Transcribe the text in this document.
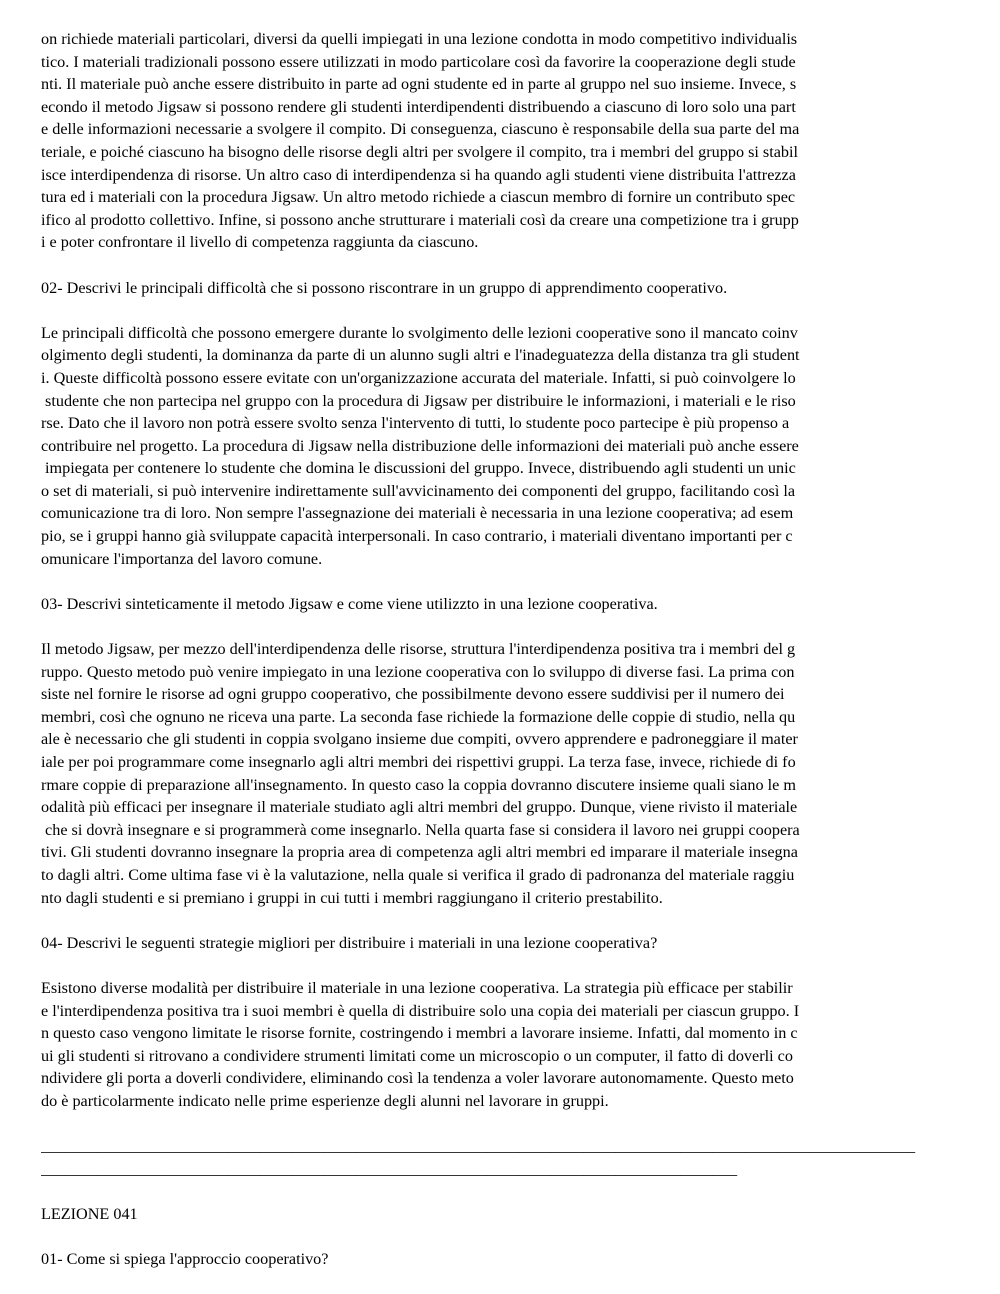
on richiede materiali particolari, diversi da quelli impiegati in una lezione condotta in modo competitivo individualis
tico. I materiali tradizionali possono essere utilizzati in modo particolare così da favorire la cooperazione degli stude
nti. Il materiale può anche essere distribuito in parte ad ogni studente ed in parte al gruppo nel suo insieme. Invece, s
econdo il metodo Jigsaw si possono rendere gli studenti interdipendenti distribuendo a ciascuno di loro solo una part
e delle informazioni necessarie a svolgere il compito. Di conseguenza, ciascuno è responsabile della sua parte del ma
teriale, e poiché ciascuno ha bisogno delle risorse degli altri per svolgere il compito, tra i membri del gruppo si stabil
isce interdipendenza di risorse. Un altro caso di interdipendenza si ha quando agli studenti viene distribuita l'attrezza
tura ed i materiali con la procedura Jigsaw. Un altro metodo richiede a ciascun membro di fornire un contributo spec
ifico al prodotto collettivo. Infine, si possono anche strutturare i materiali così da creare una competizione tra i grupp
i e poter confrontare il livello di competenza raggiunta da ciascuno.
02- Descrivi le principali difficoltà che si possono riscontrare in un gruppo di apprendimento cooperativo.
Le principali difficoltà che possono emergere durante lo svolgimento delle lezioni cooperative sono il mancato coinv
olgimento degli studenti, la dominanza da parte di un alunno sugli altri e l'inadeguatezza della distanza tra gli student
i. Queste difficoltà possono essere evitate con un'organizzazione accurata del materiale. Infatti, si può coinvolgere lo
studente che non partecipa nel gruppo con la procedura di Jigsaw per distribuire le informazioni, i materiali e le riso
rse. Dato che il lavoro non potrà essere svolto senza l'intervento di tutti, lo studente poco partecipe è più propenso a
contribuire nel progetto. La procedura di Jigsaw nella distribuzione delle informazioni dei materiali può anche essere
impiegata per contenere lo studente che domina le discussioni del gruppo. Invece, distribuendo agli studenti un unic
o set di materiali, si può intervenire indirettamente sull'avvicinamento dei componenti del gruppo, facilitando così la
comunicazione tra di loro. Non sempre l'assegnazione dei materiali è necessaria in una lezione cooperativa; ad esem
pio, se i gruppi hanno già sviluppate capacità interpersonali. In caso contrario, i materiali diventano importanti per c
omunicare l'importanza del lavoro comune.
03- Descrivi sinteticamente il metodo Jigsaw e come viene utilizzto in una lezione cooperativa.
Il metodo Jigsaw, per mezzo dell'interdipendenza delle risorse, struttura l'interdipendenza positiva tra i membri del g
ruppo. Questo metodo può venire impiegato in una lezione cooperativa con lo sviluppo di diverse fasi. La prima con
siste nel fornire le risorse ad ogni gruppo cooperativo, che possibilmente devono essere suddivisi per il numero dei
membri, così che ognuno ne riceva una parte. La seconda fase richiede la formazione delle coppie di studio, nella qu
ale è necessario che gli studenti in coppia svolgano insieme due compiti, ovvero apprendere e padroneggiare il mater
iale per poi programmare come insegnarlo agli altri membri dei rispettivi gruppi. La terza fase, invece, richiede di fo
rmare coppie di preparazione all'insegnamento. In questo caso la coppia dovranno discutere insieme quali siano le m
odalità più efficaci per insegnare il materiale studiato agli altri membri del gruppo. Dunque, viene rivisto il materiale
che si dovrà insegnare e si programmerà come insegnarlo. Nella quarta fase si considera il lavoro nei gruppi coopera
tivi. Gli studenti dovranno insegnare la propria area di competenza agli altri membri ed imparare il materiale insegna
to dagli altri. Come ultima fase vi è la valutazione, nella quale si verifica il grado di padronanza del materiale raggiu
nto dagli studenti e si premiano i gruppi in cui tutti i membri raggiungano il criterio prestabilito.
04- Descrivi le seguenti strategie migliori per distribuire i materiali in una lezione cooperativa?
Esistono diverse modalità per distribuire il materiale in una lezione cooperativa. La strategia più efficace per stabilir
e l'interdipendenza positiva tra i suoi membri è quella di distribuire solo una copia dei materiali per ciascun gruppo. I
n questo caso vengono limitate le risorse fornite, costringendo i membri a lavorare insieme. Infatti, dal momento in c
ui gli studenti si ritrovano a condividere strumenti limitati come un microscopio o un computer, il fatto di doverli co
ndividere gli porta a doverli condividere, eliminando così la tendenza a voler lavorare autonomamente. Questo meto
do è particolarmente indicato nelle prime esperienze degli alunni nel lavorare in gruppi.
____________________________________________________________________________________________________________
______________________________________________________________________________________
LEZIONE 041
01- Come si spiega l'approccio cooperativo?
